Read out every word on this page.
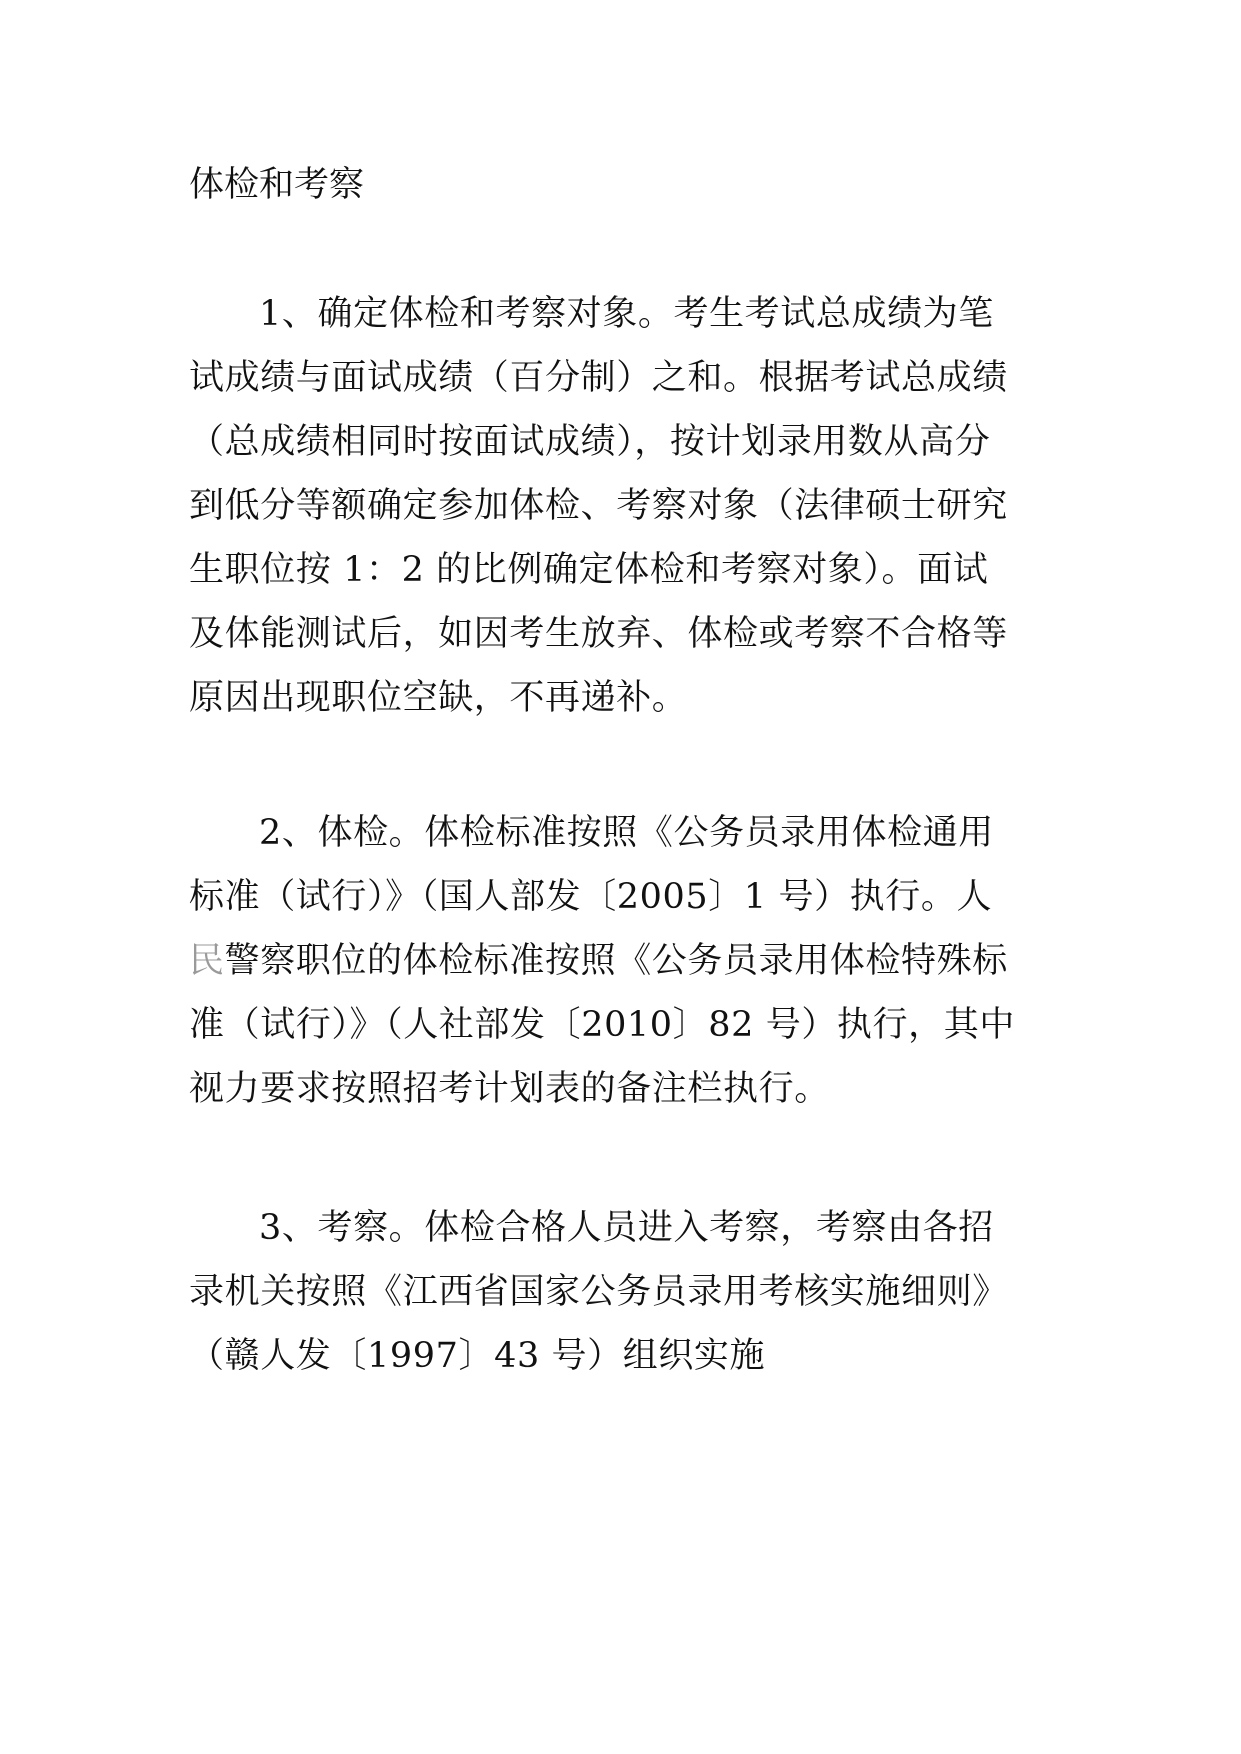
体检和考察
1、确定体检和考察对象。考生考试总成绩为笔
试成绩与面试成绩（百分制）之和。根据考试总成绩
（总成绩相同时按面试成绩），按计划录用数从高分
到低分等额确定参加体检、考察对象（法律硕士研究
生职位按 1：2 的比例确定体检和考察对象）。面试
及体能测试后，如因考生放弃、体检或考察不合格等
原因出现职位空缺，不再递补。
2、体检。体检标准按照《公务员录用体检通用
标准（试行）》（国人部发〔2005〕1 号）执行。人
民警察职位的体检标准按照《公务员录用体检特殊标
准（试行）》（人社部发〔2010〕82 号）执行，其中
视力要求按照招考计划表的备注栏执行。
3、考察。体检合格人员进入考察，考察由各招
录机关按照《江西省国家公务员录用考核实施细则》
（赣人发〔1997〕43 号）组织实施
